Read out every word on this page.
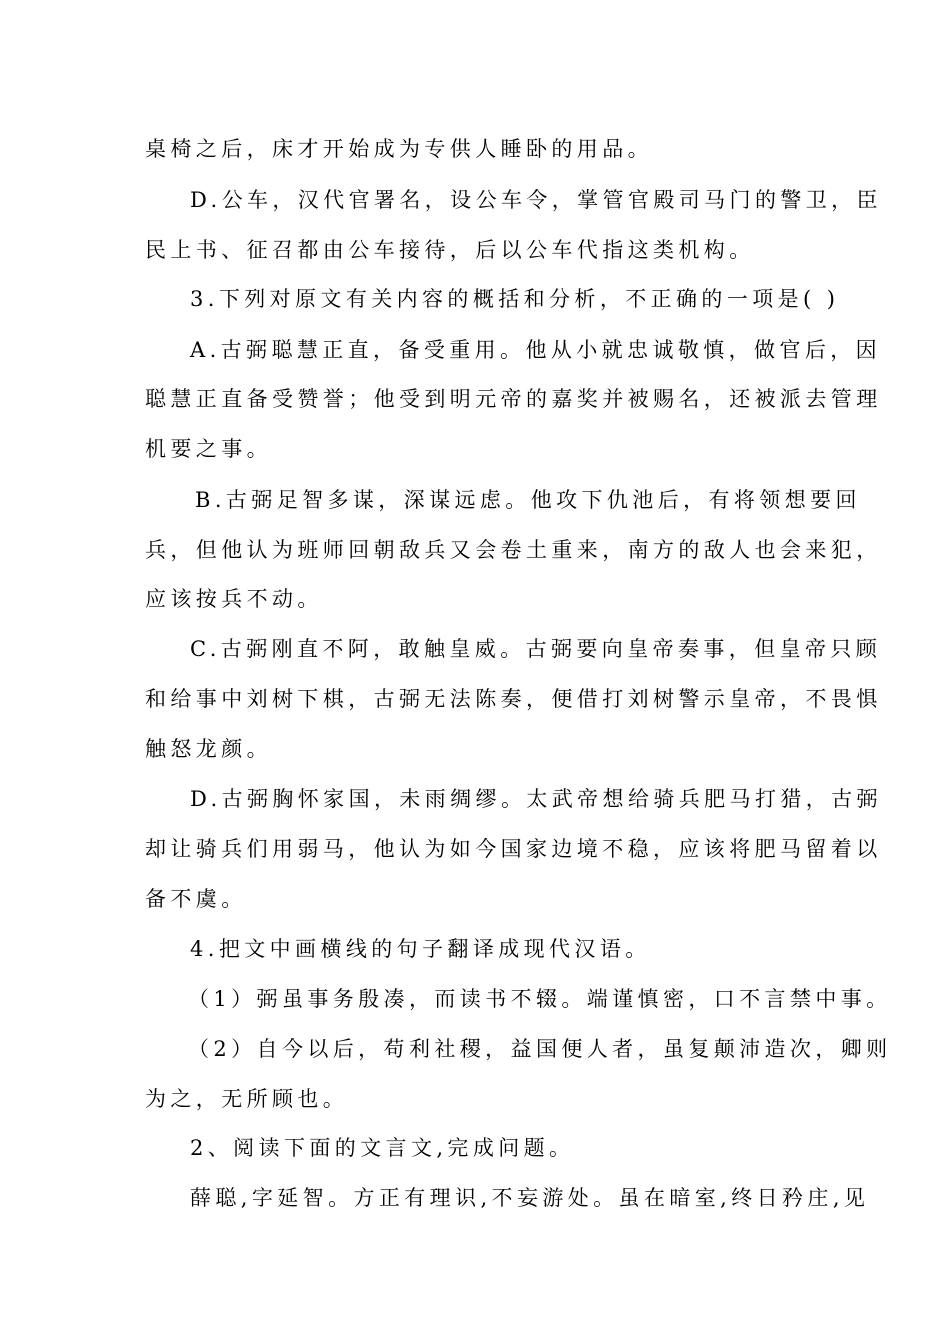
桌椅之后，床才开始成为专供人睡卧的用品。
D.公车，汉代官署名，设公车令，掌管官殿司马门的警卫，臣
民上书、征召都由公车接待，后以公车代指这类机构。
3.下列对原文有关内容的概括和分析，不正确的一项是( )
A.古弼聪慧正直，备受重用。他从小就忠诚敬慎，做官后，因
聪慧正直备受赞誉；他受到明元帝的嘉奖并被赐名，还被派去管理
机要之事。
B.古弼足智多谋，深谋远虑。他攻下仇池后，有将领想要回
兵，但他认为班师回朝敌兵又会卷土重来，南方的敌人也会来犯，
应该按兵不动。
C.古弼刚直不阿，敢触皇威。古弼要向皇帝奏事，但皇帝只顾
和给事中刘树下棋，古弼无法陈奏，便借打刘树警示皇帝，不畏惧
触怒龙颜。
D.古弼胸怀家国，未雨绸缪。太武帝想给骑兵肥马打猎，古弼
却让骑兵们用弱马，他认为如今国家边境不稳，应该将肥马留着以
备不虞。
4.把文中画横线的句子翻译成现代汉语。
（1）弼虽事务殷凑，而读书不辍。端谨慎密，口不言禁中事。
（2）自今以后，苟利社稷，益国便人者，虽复颠沛造次，卿则
为之，无所顾也。
2、阅读下面的文言文,完成问题。
薛聪,字延智。方正有理识,不妄游处。虽在暗室,终日矜庄,见
